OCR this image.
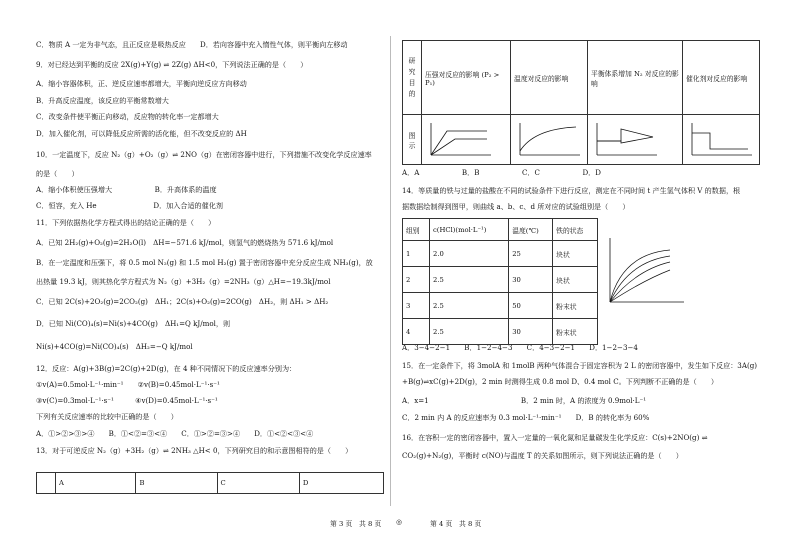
C．物质 A 一定为非气态，且正反应是吸热反应　　D．若向容器中充入惰性气体，则平衡向左移动
9．对已经达到平衡的反应 2X(g)+Y(g) ⇌ 2Z(g) ΔH<0，下列说法正确的是（　　）
A．缩小容器体积，正、逆反应速率都增大，平衡向逆反应方向移动
B．升高反应温度，该反应的平衡常数增大
C．改变条件使平衡正向移动，反应物的转化率一定都增大
D．加入催化剂，可以降低反应所需的活化能，但不改变反应的 ΔH
10．一定温度下，反应 N₂（g）+O₂（g）⇌ 2NO（g）在密闭容器中进行，下列措施不改变化学反应速率
的是（　　）
A．缩小体积使压强增大　　　　　　B．升高体系的温度
C．恒容，充入 He　　　　　　　　D．加入合适的催化剂
11．下列依据热化学方程式得出的结论正确的是（　　）
A．已知 2H₂(g)+O₂(g)=2H₂O(l)　ΔH=−571.6 kJ/mol，则氢气的燃烧热为 571.6 kJ/mol
B．在一定温度和压强下，将 0.5 mol N₂(g) 和 1.5 mol H₂(g) 置于密闭容器中充分反应生成 NH₃(g)，放
出热量 19.3 kJ，则其热化学方程式为 N₂（g）+3H₂（g）=2NH₃（g）△H=−19.3kJ/mol
C．已知 2C(s)+2O₂(g)=2CO₂(g)　ΔH₁；2C(s)+O₂(g)=2CO(g)　ΔH₂，则 ΔH₁ > ΔH₂
D．已知 Ni(CO)₄(s)=Ni(s)+4CO(g)　ΔH₁=Q kJ/mol，则
Ni(s)+4CO(g)=Ni(CO)₄(s)　ΔH₂=−Q kJ/mol
12．反应：A(g)+3B(g)=2C(g)+2D(g)，在 4 种不同情况下的反应速率分别为：
①v(A)=0.5mol·L⁻¹·min⁻¹　　②v(B)=0.45mol·L⁻¹·s⁻¹
③v(C)=0.3mol·L⁻¹·s⁻¹　　　④v(D)=0.45mol·L⁻¹·s⁻¹
下列有关反应速率的比较中正确的是（　　）
A．①>②>③>④　　B．①<②=③<④　　C．①>②=③>④　　D．①<②<③<④
13．对于可逆反应 N₂（g）+3H₂（g）⇌ 2NH₃ △H< 0，下列研究目的和示意图相符的是（　　）
	A	B	C	D
研究目的	压强对反应的影响 (P₂ > P₁)	温度对反应的影响	平衡体系增加 N₂ 对反应的影响	催化剂对反应的影响
图示				
A．A　　　　　　B．B　　　　　　C．C　　　　　　D．D
14．等质量的铁与过量的盐酸在不同的试验条件下进行反应，测定在不同时间 t 产生氢气体积 V 的数据，根
据数据绘制得到图甲，则曲线 a、b、c、d 所对应的试验组别是（　　）
A．3−4−2−1　　B．1−2−4−3　　C．4−3−2−1　　D．1−2−3−4
15．在一定条件下，将 3molA 和 1molB 两种气体混合于固定容积为 2 L 的密闭容器中，发生如下反应：3A(g)
+B(g)⇌xC(g)+2D(g)，2 min 时测得生成 0.8 mol D、0.4 mol C。下列判断不正确的是（　　）
A．x=1　　　　　　　　　　　　　B．2 min 时，A 的浓度为 0.9mol·L⁻¹
C．2 min 内 A 的反应速率为 0.3 mol·L⁻¹·min⁻¹　　D．B 的转化率为 60%
16．在容积一定的密闭容器中，置入一定量的一氧化氮和足量碳发生化学反应：C(s)+2NO(g) ⇌
CO₂(g)+N₂(g)，平衡时 c(NO)与温度 T 的关系如图所示，则下列说法正确的是（　　）
组别	c(HCl)(mol·L⁻¹)	温度(℃)	铁的状态
1	2.0	25	块状
2	2.5	30	块状
3	2.5	50	粉末状
4	2.5	30	粉末状
第 3 页　共 8 页 ◎	第 4 页　共 8 页
